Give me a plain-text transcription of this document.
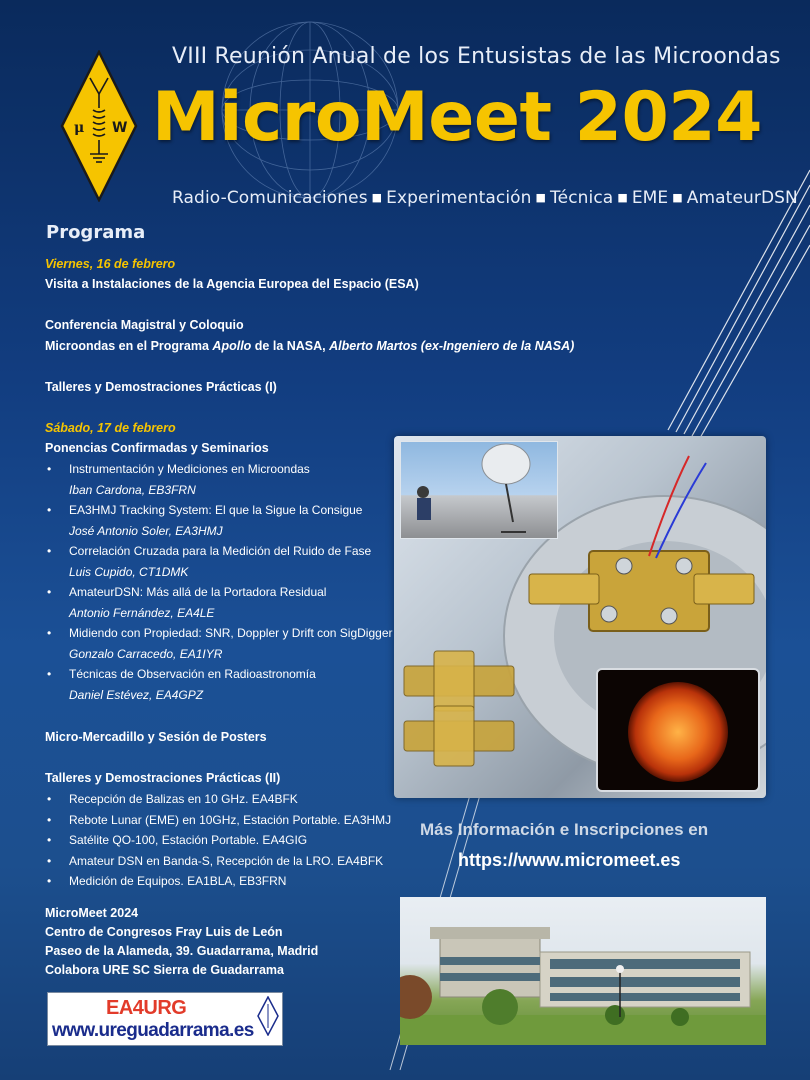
μ W
VIII Reunión Anual de los Entusistas de las Microondas
MicroMeet 2024
Radio-Comunicaciones ■ Experimentación ■ Técnica ■ EME ■ AmateurDSN
Programa
Viernes, 16 de febrero
Visita a Instalaciones de la Agencia Europea del Espacio (ESA)
Conferencia Magistral y Coloquio
Microondas en el Programa Apollo de la NASA, Alberto Martos (ex-Ingeniero de la NASA)
Talleres y Demostraciones Prácticas (I)
Sábado, 17 de febrero
Ponencias Confirmadas y Seminarios
• Instrumentación y Mediciones en Microondas
Iban Cardona, EB3FRN
• EA3HMJ Tracking System: El que la Sigue la Consigue
José Antonio Soler, EA3HMJ
• Correlación Cruzada para la Medición del Ruido de Fase
Luis Cupido, CT1DMK
• AmateurDSN: Más allá de la Portadora Residual
Antonio Fernández, EA4LE
• Midiendo con Propiedad: SNR, Doppler y Drift con SigDigger
Gonzalo Carracedo, EA1IYR
• Técnicas de Observación en Radioastronomía
Daniel Estévez, EA4GPZ
Micro-Mercadillo y Sesión de Posters
Talleres y Demostraciones Prácticas (II)
• Recepción de Balizas en 10 GHz. EA4BFK
• Rebote Lunar (EME) en 10GHz, Estación Portable. EA3HMJ
• Satélite QO-100, Estación Portable. EA4GIG
• Amateur DSN en Banda-S, Recepción de la LRO. EA4BFK
• Medición de Equipos. EA1BLA, EB3FRN
Más Información e Inscripciones en
https://www.micromeet.es
MicroMeet 2024
Centro de Congresos Fray Luis de León
Paseo de la Alameda, 39. Guadarrama, Madrid
Colabora URE SC Sierra de Guadarrama
EA4URG
www.ureguadarrama.es
